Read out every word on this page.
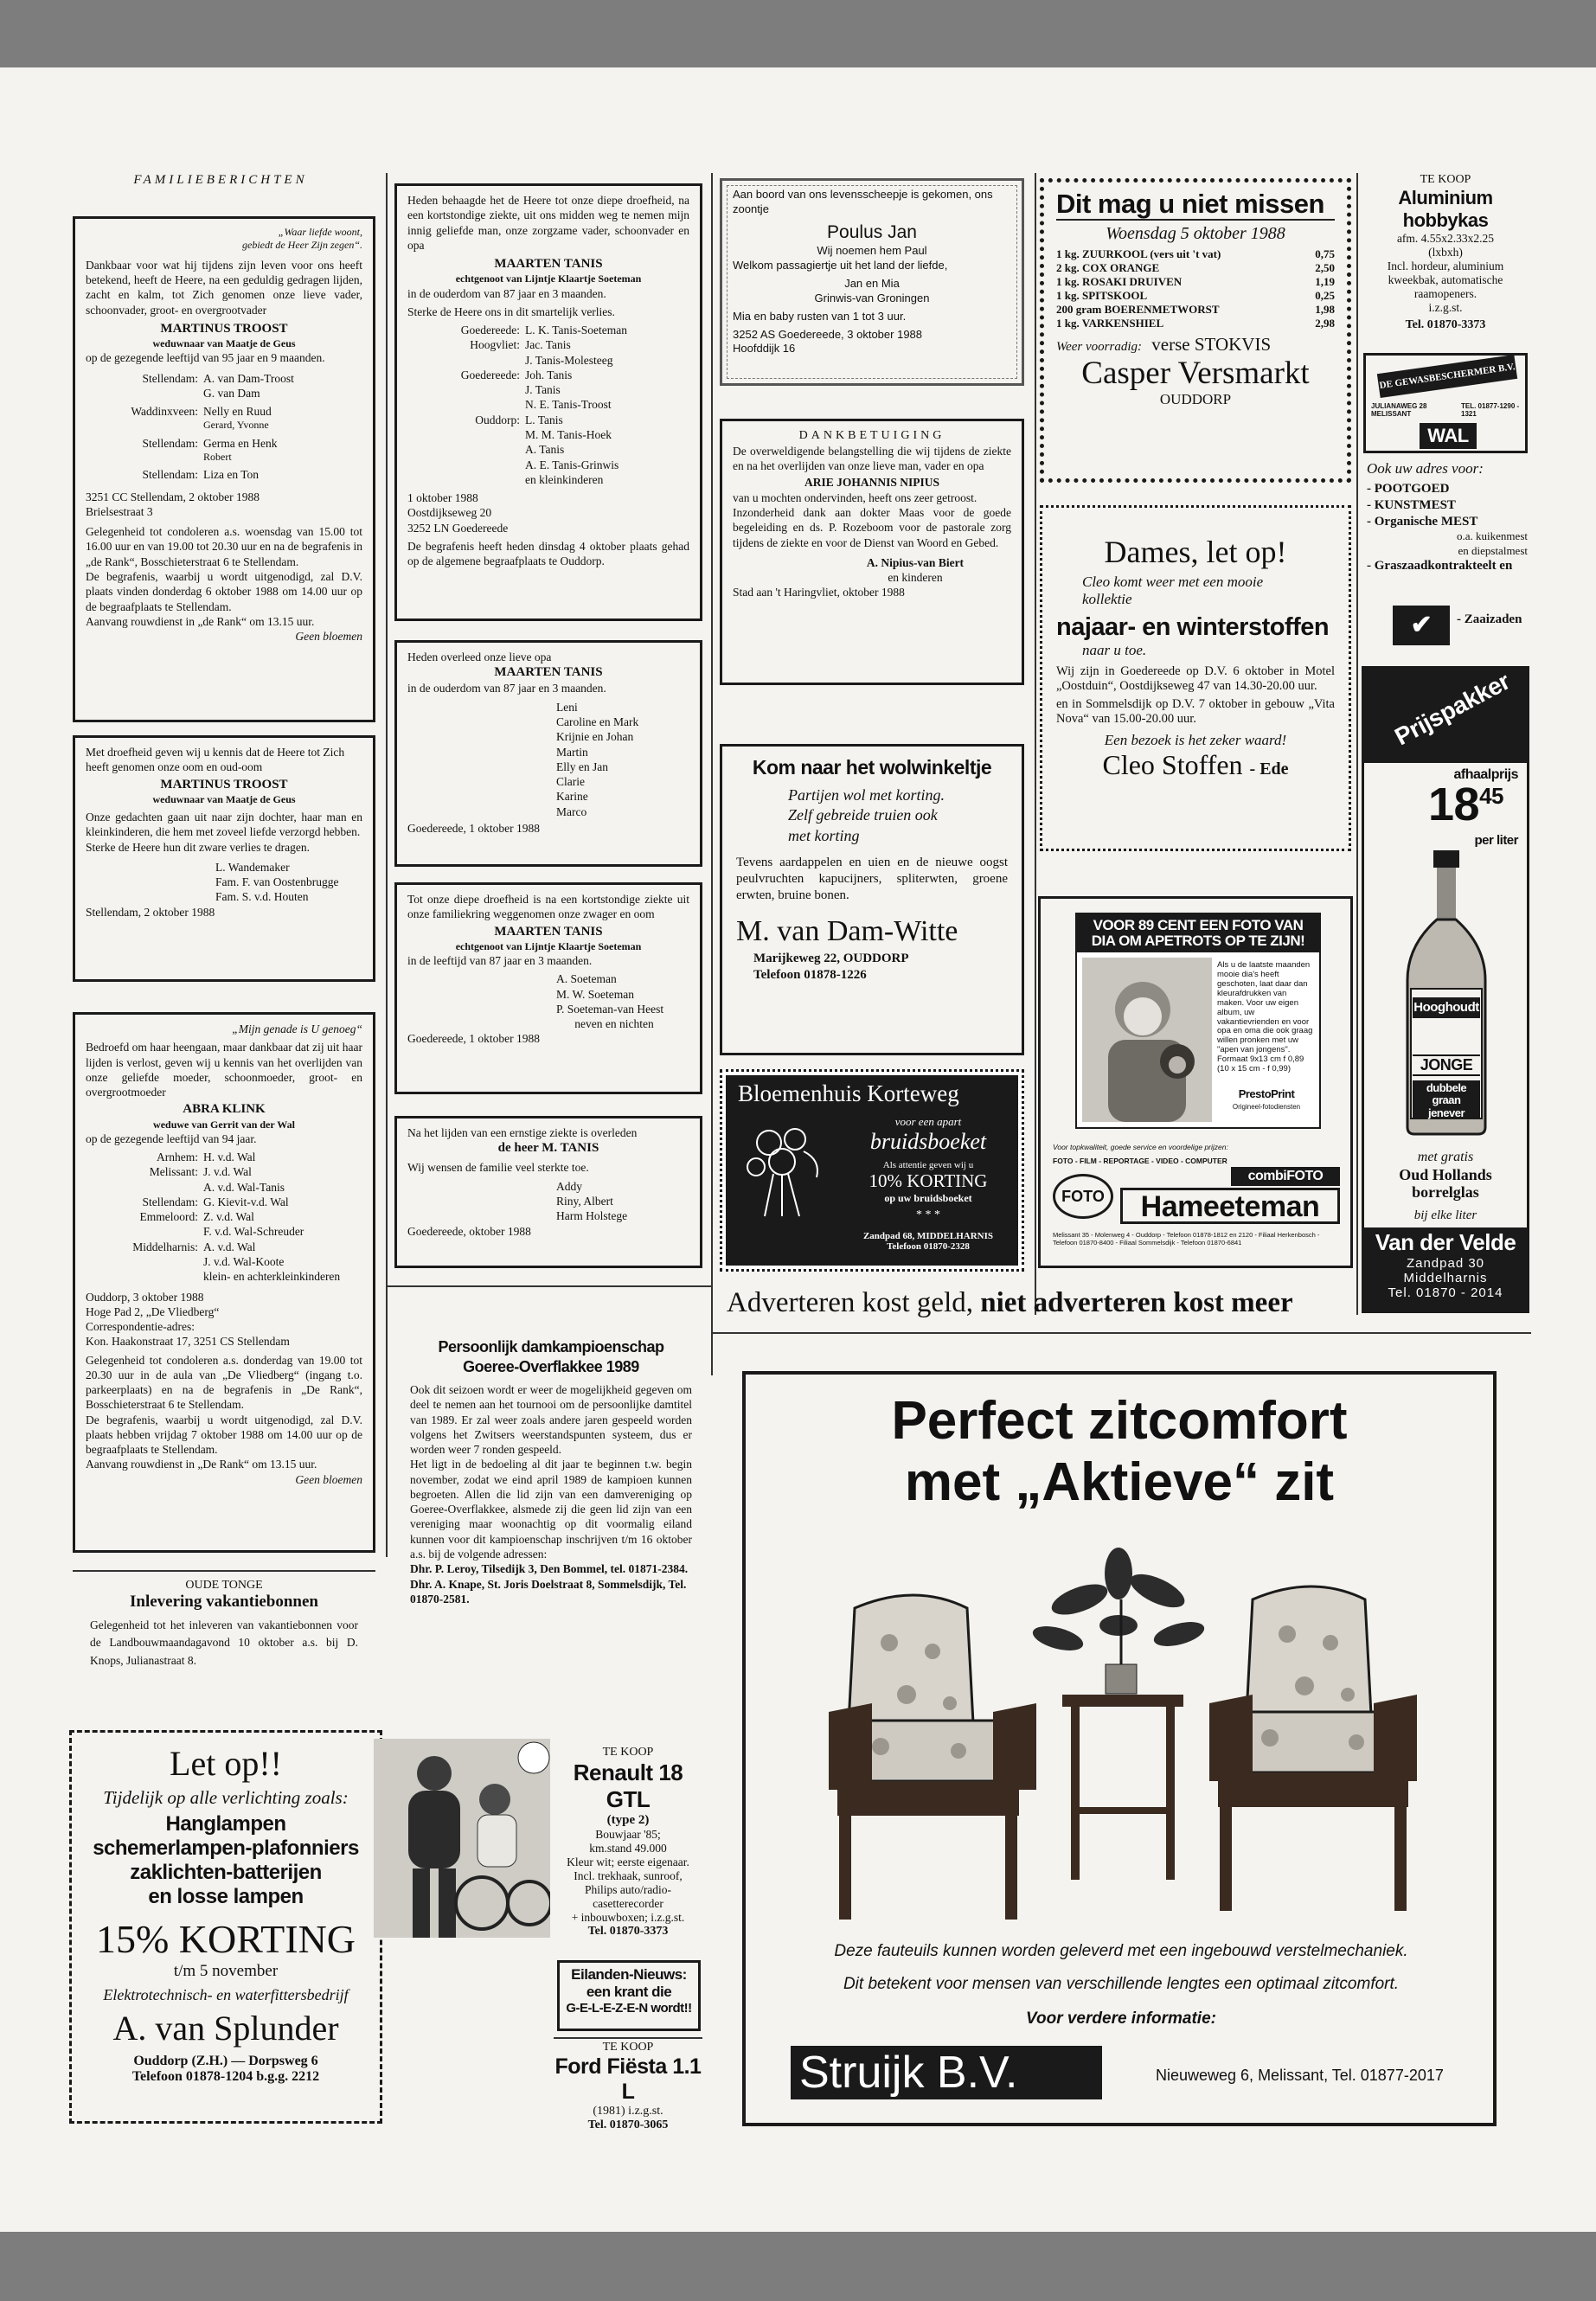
FAMILIEBERICHTEN

„Waar liefde woont,

gebiedt de Heer Zijn zegen“.

Dankbaar voor wat hij tijdens zijn leven voor ons heeft betekend, heeft de Heere, na een geduldig gedragen lijden, zacht en kalm, tot Zich genomen onze lieve vader, schoonvader, groot- en overgrootvader

MARTINUS TROOST

weduwnaar van Maatje de Geus

op de gezegende leeftijd van 95 jaar en 9 maanden.

Stellendam: A. van Dam-Troost
G. van Dam
Waddinxveen: Nelly en Ruud
Gerard, Yvonne
Stellendam: Germa en Henk
Robert
Stellendam: Liza en Ton

3251 CC Stellendam, 2 oktober 1988

Brielsestraat 3

Gelegenheid tot condoleren a.s. woensdag van 15.00 tot 16.00 uur en van 19.00 tot 20.30 uur en na de begrafenis in „de Rank“, Bosschieterstraat 6 te Stellendam.

De begrafenis, waarbij u wordt uitgenodigd, zal D.V. plaats vinden donderdag 6 oktober 1988 om 14.00 uur op de begraafplaats te Stellendam.

Aanvang rouwdienst in „de Rank“ om 13.15 uur.

Geen bloemen

Met droefheid geven wij u kennis dat de Heere tot Zich heeft genomen onze oom en oud-oom

MARTINUS TROOST

weduwnaar van Maatje de Geus

Onze gedachten gaan uit naar zijn dochter, haar man en kleinkinderen, die hem met zoveel liefde verzorgd hebben.

Sterke de Heere hun dit zware verlies te dragen.

L. Wandemaker

Fam. F. van Oostenbrugge

Fam. S. v.d. Houten

Stellendam, 2 oktober 1988

„Mijn genade is U genoeg“

Bedroefd om haar heengaan, maar dankbaar dat zij uit haar lijden is verlost, geven wij u kennis van het overlijden van onze geliefde moeder, schoonmoeder, groot- en overgrootmoeder

ABRA KLINK

weduwe van Gerrit van der Wal

op de gezegende leeftijd van 94 jaar.

Arnhem: H. v.d. Wal
Melissant: J. v.d. Wal
A. v.d. Wal-Tanis
Stellendam: G. Kievit-v.d. Wal
Emmeloord: Z. v.d. Wal
F. v.d. Wal-Schreuder
Middelharnis: A. v.d. Wal
J. v.d. Wal-Koote
klein- en achterkleinkinderen

Ouddorp, 3 oktober 1988

Hoge Pad 2, „De Vliedberg“

Correspondentie-adres:

Kon. Haakonstraat 17, 3251 CS Stellendam

Gelegenheid tot condoleren a.s. donderdag van 19.00 tot 20.30 uur in de aula van „De Vliedberg“ (ingang t.o. parkeerplaats) en na de begrafenis in „De Rank“, Bosschieterstraat 6 te Stellendam.

De begrafenis, waarbij u wordt uitgenodigd, zal D.V. plaats hebben vrijdag 7 oktober 1988 om 14.00 uur op de begraafplaats te Stellendam.

Aanvang rouwdienst in „De Rank“ om 13.15 uur.

Geen bloemen

OUDE TONGE

Inlevering vakantiebonnen

Gelegenheid tot het inleveren van vakantiebonnen voor de Landbouwmaandagavond 10 oktober a.s. bij D. Knops, Julianastraat 8.

Let op!!

Tijdelijk op alle verlichting zoals:

Hanglampen

schemerlampen-plafonniers

zaklichten-batterijen

en losse lampen

15% KORTING

t/m 5 november

Elektrotechnisch- en waterfittersbedrijf

A. van Splunder

Ouddorp (Z.H.) — Dorpsweg 6

Telefoon 01878-1204 b.g.g. 2212

Heden behaagde het de Heere tot onze diepe droefheid, na een kortstondige ziekte, uit ons midden weg te nemen mijn innig geliefde man, onze zorgzame vader, schoonvader en opa

MAARTEN TANIS

echtgenoot van Lijntje Klaartje Soeteman

in de ouderdom van 87 jaar en 3 maanden.

Sterke de Heere ons in dit smartelijk verlies.

Goedereede: L. K. Tanis-Soeteman
Hoogvliet: Jac. Tanis
J. Tanis-Molesteeg
Goedereede: Joh. Tanis
J. Tanis
N. E. Tanis-Troost
Ouddorp: L. Tanis
M. M. Tanis-Hoek
A. Tanis
A. E. Tanis-Grinwis
en kleinkinderen

1 oktober 1988

Oostdijkseweg 20

3252 LN Goedereede

De begrafenis heeft heden dinsdag 4 oktober plaats gehad op de algemene begraafplaats te Ouddorp.

Heden overleed onze lieve opa

MAARTEN TANIS

in de ouderdom van 87 jaar en 3 maanden.

Leni

Caroline en Mark

Krijnie en Johan

Martin

Elly en Jan

Clarie

Karine

Marco

Goedereede, 1 oktober 1988

Tot onze diepe droefheid is na een kortstondige ziekte uit onze familiekring weggenomen onze zwager en oom

MAARTEN TANIS

echtgenoot van Lijntje Klaartje Soeteman

in de leeftijd van 87 jaar en 3 maanden.

A. Soeteman

M. W. Soeteman

P. Soeteman-van Heest

neven en nichten

Goedereede, 1 oktober 1988

Na het lijden van een ernstige ziekte is overleden

de heer M. TANIS

Wij wensen de familie veel sterkte toe.

Addy

Riny, Albert

Harm Holstege

Goedereede, oktober 1988

Persoonlijk damkampioenschap

Goeree-Overflakkee 1989

Ook dit seizoen wordt er weer de mogelijkheid gegeven om deel te nemen aan het tournooi om de persoonlijke damtitel van 1989. Er zal weer zoals andere jaren gespeeld worden volgens het Zwitsers weerstandspunten systeem, dus er worden weer 7 ronden gespeeld.

Het ligt in de bedoeling al dit jaar te beginnen t.w. begin november, zodat we eind april 1989 de kampioen kunnen begroeten. Allen die lid zijn van een damvereniging op Goeree-Overflakkee, alsmede zij die geen lid zijn van een vereniging maar woonachtig op dit voormalig eiland kunnen voor dit kampioenschap inschrijven t/m 16 oktober a.s. bij de volgende adressen:

Dhr. P. Leroy, Tilsedijk 3, Den Bommel, tel. 01871-2384.

Dhr. A. Knape, St. Joris Doelstraat 8, Sommelsdijk, Tel. 01870-2581.

TE KOOP

Renault 18 GTL

(type 2)

Bouwjaar '85;

km.stand 49.000

Kleur wit; eerste eigenaar.

Incl. trekhaak, sunroof,

Philips auto/radio-

casetterecorder

+ inbouwboxen; i.z.g.st.

Tel. 01870-3373

Eilanden-Nieuws:

een krant die

G-E-L-E-Z-E-N wordt!!

TE KOOP

Ford Fiësta 1.1 L

(1981) i.z.g.st.

Tel. 01870-3065

Aan boord van ons levensscheepje is gekomen, ons zoontje

Poulus Jan

Wij noemen hem Paul

Welkom passagiertje uit het land der liefde,

Jan en Mia

Grinwis-van Groningen

Mia en baby rusten van 1 tot 3 uur.

3252 AS Goedereede, 3 oktober 1988

Hoofddijk 16

DANKBETUIGING

De overweldigende belangstelling die wij tijdens de ziekte en na het overlijden van onze lieve man, vader en opa

ARIE JOHANNIS NIPIUS

van u mochten ondervinden, heeft ons zeer getroost.

Inzonderheid dank aan dokter Maas voor de goede begeleiding en ds. P. Rozeboom voor de pastorale zorg tijdens de ziekte en voor de Dienst van Woord en Gebed.

A. Nipius-van Biert

en kinderen

Stad aan 't Haringvliet, oktober 1988

Kom naar het wolwinkeltje

Partijen wol met korting.

Zelf gebreide truien ook

met korting

Tevens aardappelen en uien en de nieuwe oogst peulvruchten kapucijners, spliterwten, groene erwten, bruine bonen.

M. van Dam-Witte

Marijkeweg 22, OUDDORP

Telefoon 01878-1226

Bloemenhuis Korteweg

voor een apart

bruidsboeket

Als attentie geven wij u

10% KORTING

op uw bruidsboeket

* * *

Zandpad 68, MIDDELHARNIS

Telefoon 01870-2328

Dit mag u niet missen

Woensdag 5 oktober 1988

1 kg. ZUURKOOL (vers uit 't vat)	0,75
2 kg. COX ORANGE	2,50
1 kg. ROSAKI DRUIVEN	1,19
1 kg. SPITSKOOL	0,25
200 gram BOERENMETWORST	1,98
1 kg. VARKENSHIEL	2,98

Weer voorradig: verse STOKVIS

Casper Versmarkt

OUDDORP

Dames, let op!

Cleo komt weer met een mooie

kollektie

najaar- en winterstoffen

naar u toe.

Wij zijn in Goedereede op D.V. 6 oktober in Motel „Oostduin“, Oostdijkseweg 47 van 14.30-20.00 uur.

en in Sommelsdijk op D.V. 7 oktober in gebouw „Vita Nova“ van 15.00-20.00 uur.

Een bezoek is het zeker waard!

Cleo Stoffen - Ede

VOOR 89 CENT EEN FOTO VAN
DIA OM APETROTS OP TE ZIJN!

Als u de laatste maanden mooie dia's heeft geschoten, laat daar dan kleurafdrukken van maken. Voor uw eigen album, uw vakantievrienden en voor opa en oma die ook graag willen pronken met uw "apen van jongens". Formaat 9x13 cm f 0,89 (10 x 15 cm - f 0,99)

PrestoPrint

Origineel-fotodiensten

Voor topkwaliteit, goede service en voordelige prijzen:

FOTO - FILM - REPORTAGE - VIDEO - COMPUTER

FOTO
combiFOTO
Hameeteman

Melissant 35 - Molenweg 4 - Ouddorp - Telefoon 01878-1812 en 2120 - Filiaal Herkenbosch - Telefoon 01870-8400 - Filiaal Sommelsdijk - Telefoon 01870-6841

TE KOOP

Aluminium hobbykas

afm. 4.55x2.33x2.25

(lxbxh)

Incl. hordeur, aluminium

kweekbak, automatische

raamopeners.

i.z.g.st.

Tel. 01870-3373

DE GEWASBESCHERMER B.V.

JULIANAWEG 28 MELISSANT

TEL. 01877-1290 - 1321

WAL

Ook uw adres voor:

- POOTGOED

- KUNSTMEST

- Organische MEST

o.a. kuikenmest

en diepstalmest

- Graszaadkontrakteelt en

✔	- Zaaizaden

Prijspakker

afhaalprijs

$18^{45}$

per liter

Hooghoudt
JONGE
dubbele graan jenever

met gratis

Oud Hollands borrelglas

bij elke liter

Van der Velde

Zandpad 30

Middelharnis

Tel. 01870 - 2014

Adverteren kost geld, niet adverteren kost meer

Perfect zitcomfort

met „Aktieve“ zit

Deze fauteuils kunnen worden geleverd met een ingebouwd verstelmechaniek.

Dit betekent voor mensen van verschillende lengtes een optimaal zitcomfort.

Voor verdere informatie:

Struijk B.V.	Nieuweweg 6, Melissant, Tel. 01877-2017
